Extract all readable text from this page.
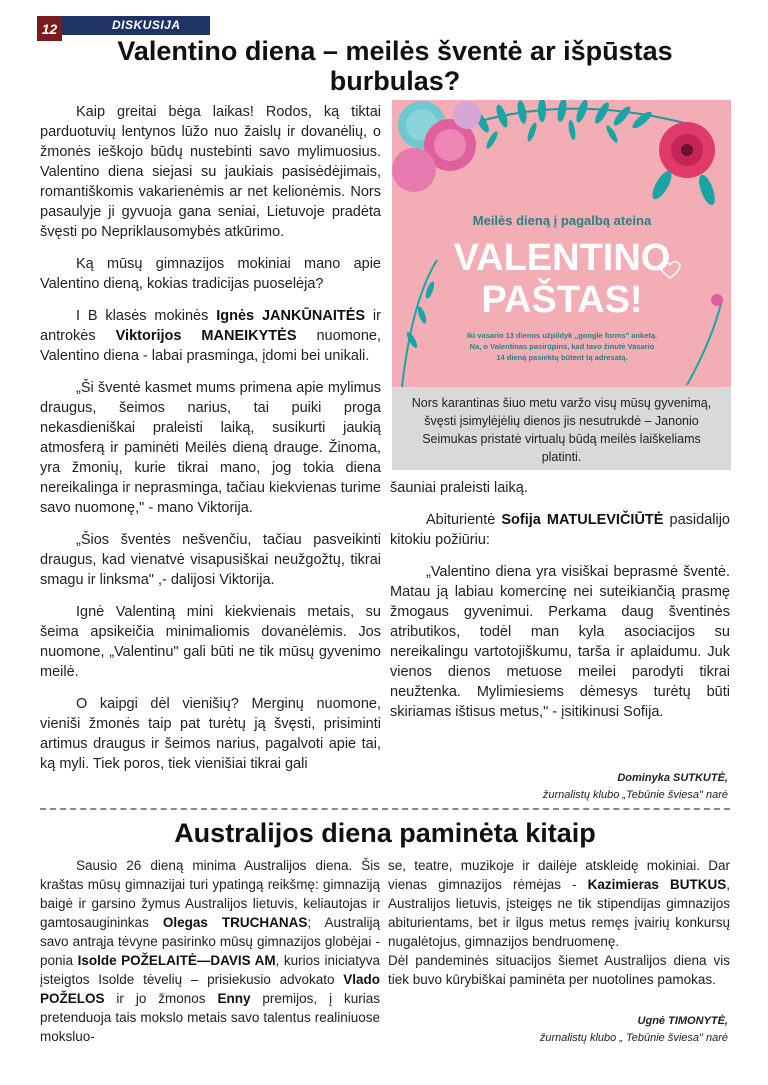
12	DISKUSIJA
Valentino diena – meilės šventė ar išpūstas burbulas?

Kaip greitai bėga laikas! Rodos, ką tiktai parduotuvių lentynos lūžo nuo žaislų ir dovanėlių, o žmonės ieškojo būdų nustebinti savo mylimuosius. Valentino diena siejasi su jaukiais pasisėdėjimais, romantiškomis vakarienėmis ar net kelionėmis. Nors pasaulyje ji gyvuoja gana seniai, Lietuvoje pradėta švęsti po Nepriklausomybės atkūrimo.

Ką mūsų gimnazijos mokiniai mano apie Valentino dieną, kokias tradicijas puoselėja?

I B klasės mokinės Ignės JANKŪNAITĖS ir antrokės Viktorijos MANEIKYTĖS nuomone, Valentino diena - labai prasminga, įdomi bei unikali.

„Ši šventė kasmet mums primena apie mylimus draugus, šeimos narius, tai puiki proga nekasdieniškai praleisti laiką, susikurti jaukią atmosferą ir paminėti Meilės dieną drauge. Žinoma, yra žmonių, kurie tikrai mano, jog tokia diena nereikalinga ir neprasminga, tačiau kiekvienas turime savo nuomonę," - mano Viktorija.

„Šios šventės nešvenčiu, tačiau pasveikinti draugus, kad vienatvė visapusiškai neužgožtų, tikrai smagu ir linksma" ,- dalijosi Viktorija.

Ignė Valentiną mini kiekvienais metais, su šeima apsikeičia minimaliomis dovanėlėmis. Jos nuomone, „Valentinu" gali būti ne tik mūsų gyvenimo meilė.

O kaipgi dėl vienišių? Merginų nuomone, vieniši žmonės taip pat turėtų ją švęsti, prisiminti artimus draugus ir šeimos narius, pagalvoti apie tai, ką myli. Tiek poros, tiek vienišiai tikrai gali

Meilės dieną į pagalbą ateina
VALENTINO
PAŠTAS!
Iki vasario 13 dienos užpildyk „google forms" anketą.
Na, o Valentinas pasirūpins, kad tavo žinutė Vasario
14 dieną pasiektų būtent tą adresatą.
Nors karantinas šiuo metu varžo visų mūsų gyvenimą, švęsti įsimylėjėlių dienos jis nesutrukdė – Janonio Seimukas pristatė virtualų būdą meilės laiškeliams platinti.

šauniai praleisti laiką.

Abiturientė Sofija MATULEVIČIŪTĖ pasidalijo kitokiu požiūriu:

„Valentino diena yra visiškai beprasmė šventė. Matau ją labiau komercinę nei suteikiančią prasmę žmogaus gyvenimui. Perkama daug šventinės atributikos, todėl man kyla asociacijos su nereikalingu vartotojiškumu, tarša ir aplaidumu. Juk vienos dienos metuose meilei parodyti tikrai neužtenka. Mylimiesiems dėmesys turėtų būti skiriamas ištisus metus," - įsitikinusi Sofija.

Dominyka SUTKUTĖ,
žurnalistų klubo „Tebūnie šviesa" narė
Australijos diena paminėta kitaip

Sausio 26 dieną minima Australijos diena. Šis kraštas mūsų gimnazijai turi ypatingą reikšmę: gimnaziją baigė ir garsino žymus Australijos lietuvis, keliautojas ir gamtosaugininkas Olegas TRUCHANAS; Australiją savo antrąja tėvyne pasirinko mūsų gimnazijos globėjai - ponia Isolde POŽELAITĖ—DAVIS AM, kurios iniciatyva įsteigtos Isolde tėvelių – prisiekusio advokato Vlado POŽELOS ir jo žmonos Enny premijos, į kurias pretenduoja tais mokslo metais savo talentus realiniuose moksluo-

se, teatre, muzikoje ir dailėje atskleidę mokiniai. Dar vienas gimnazijos rėmėjas - Kazimieras BUTKUS, Australijos lietuvis, įsteigęs ne tik stipendijas gimnazijos abiturientams, bet ir ilgus metus remęs įvairių konkursų nugalėtojus, gimnazijos bendruomenę.

Dėl pandeminės situacijos šiemet Australijos diena vis tiek buvo kūrybiškai paminėta per nuotolines pamokas.

Ugnė TIMONYTĖ,
žurnalistų klubo „ Tebūnie šviesa" narė
